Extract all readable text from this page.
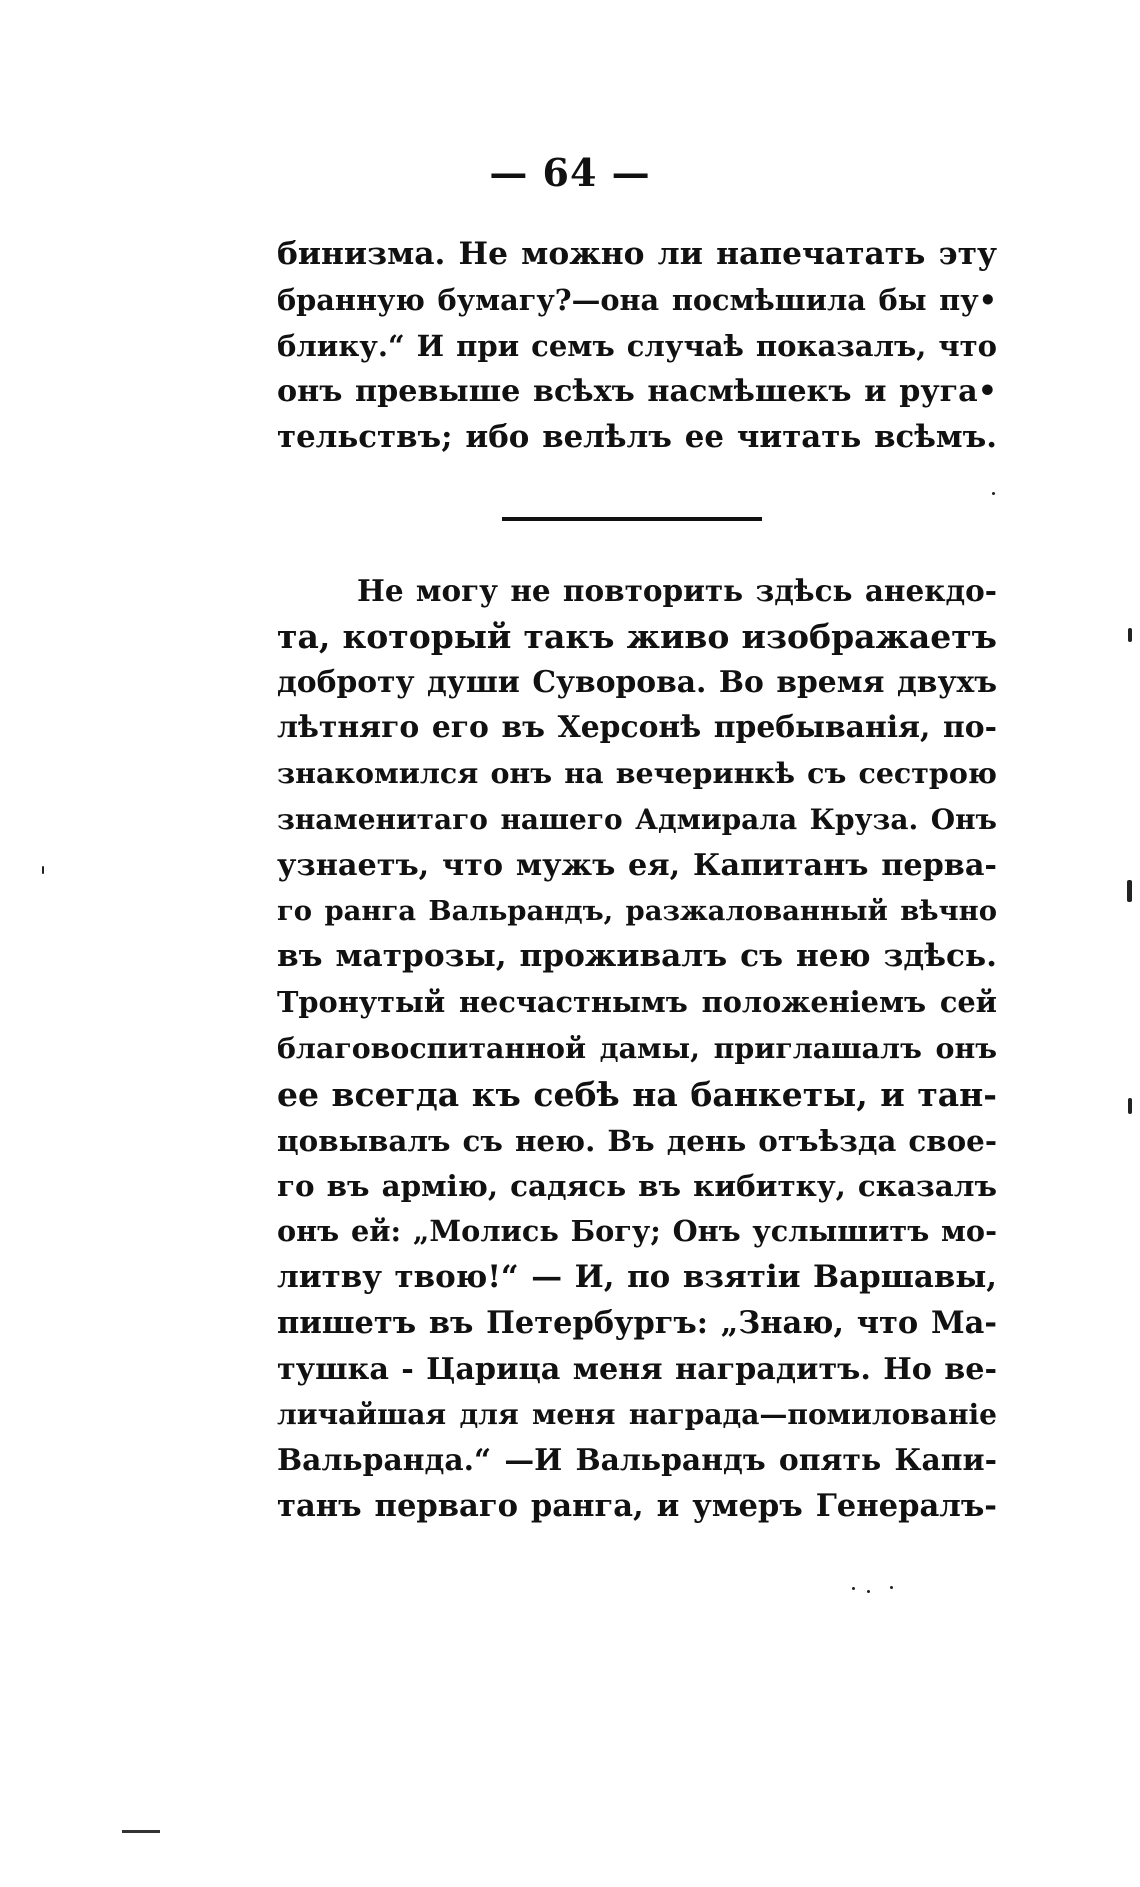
— 64 —
бинизма. Не можно ли напечатать эту
бранную бумагу?—она посмѣшила бы пу•
блику.“ И при семъ случаѣ показалъ, что
онъ превыше всѣхъ насмѣшекъ и руга•
тельствъ; ибо велѣлъ ее читать всѣмъ.
Не могу не повторить здѣсь анекдо-
та, который такъ живо изображаетъ
доброту души Суворова. Во время двухъ
лѣтняго его въ Херсонѣ пребыванія, по-
знакомился онъ на вечеринкѣ съ сестрою
знаменитаго нашего Адмирала Круза. Онъ
узнаетъ, что мужъ ея, Капитанъ перва-
го ранга Вальрандъ, разжалованный вѣчно
въ матрозы, проживалъ съ нею здѣсь.
Тронутый несчастнымъ положеніемъ сей
благовоспитанной дамы, приглашалъ онъ
ее всегда къ себѣ на банкеты, и тан-
цовывалъ съ нею. Въ день отъѣзда свое-
го въ армію, садясь въ кибитку, сказалъ
онъ ей: „Молись Богу; Онъ услышитъ мо-
литву твою!“ — И, по взятіи Варшавы,
пишетъ въ Петербургъ: „Знаю, что Ма-
тушка - Царица меня наградитъ. Но ве-
личайшая для меня награда—помилованіе
Вальранда.“ —И Вальрандъ опять Капи-
танъ перваго ранга, и умеръ Генералъ-
